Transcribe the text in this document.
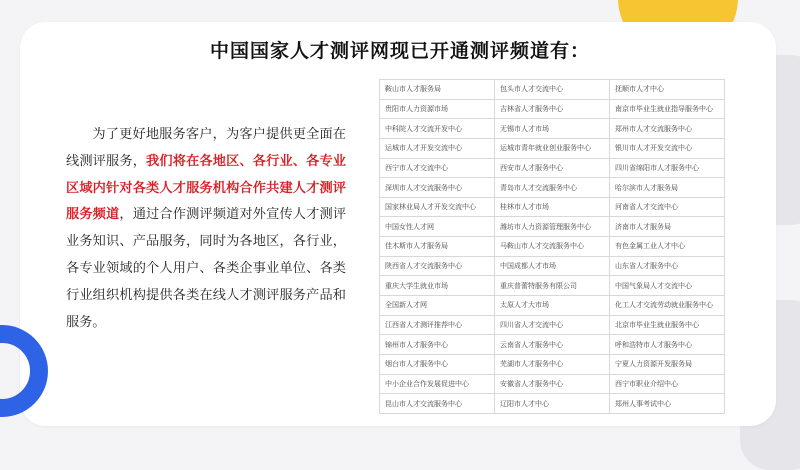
中国国家人才测评网现已开通测评频道有：

为了更好地服务客户，为客户提供更全面在线测评服务，我们将在各地区、各行业、各专业区域内针对各类人才服务机构合作共建人才测评服务频道，通过合作测评频道对外宣传人才测评业务知识、产品服务，同时为各地区，各行业，各专业领域的个人用户、各类企事业单位、各类行业组织机构提供各类在线人才测评服务产品和服务。

鞍山市人才服务局	包头市人才交流中心	抚顺市人才中心
贵阳市人力资源市场	吉林省人才服务中心	南京市毕业生就业指导服务中心
中科院人才交流开发中心	无锡市人才市场	郑州市人才交流服务中心
运城市人才开发交流中心	运城市青年就业创业服务中心	银川市人才开发交流中心
西宁市人才交流中心	西安市人才服务中心	四川省绵阳市人才服务中心
深圳市人才交流服务中心	青岛市人才交流服务中心	哈尔滨市人才服务局
国家林业局人才开发交流中心	桂林市人才市场	河南省人才交流中心
中国女性人才网	潍坊市人力资源管理服务中心	济南市人才服务局
佳木斯市人才服务局	马鞍山市人才交流服务中心	有色金属工业人才中心
陕西省人才交流服务中心	中国成都人才市场	山东省人才服务中心
重庆大学生就业市场	重庆普蕾特服务有限公司	中国气象局人才交流中心
全国新人才网	太原人才大市场	化工人才交流劳动就业服务中心
江西省人才测评推荐中心	四川省人才交流中心	北京市毕业生就业服务中心
锦州市人才服务中心	云南省人才服务中心	呼和浩特市人才服务中心
烟台市人才服务中心	芜湖市人才服务中心	宁夏人力资源开发服务局
中小企业合作发展促进中心	安徽省人才服务中心	西宁市职业介绍中心
昆山市人才交流服务中心	辽阳市人才中心	郑州人事考试中心
